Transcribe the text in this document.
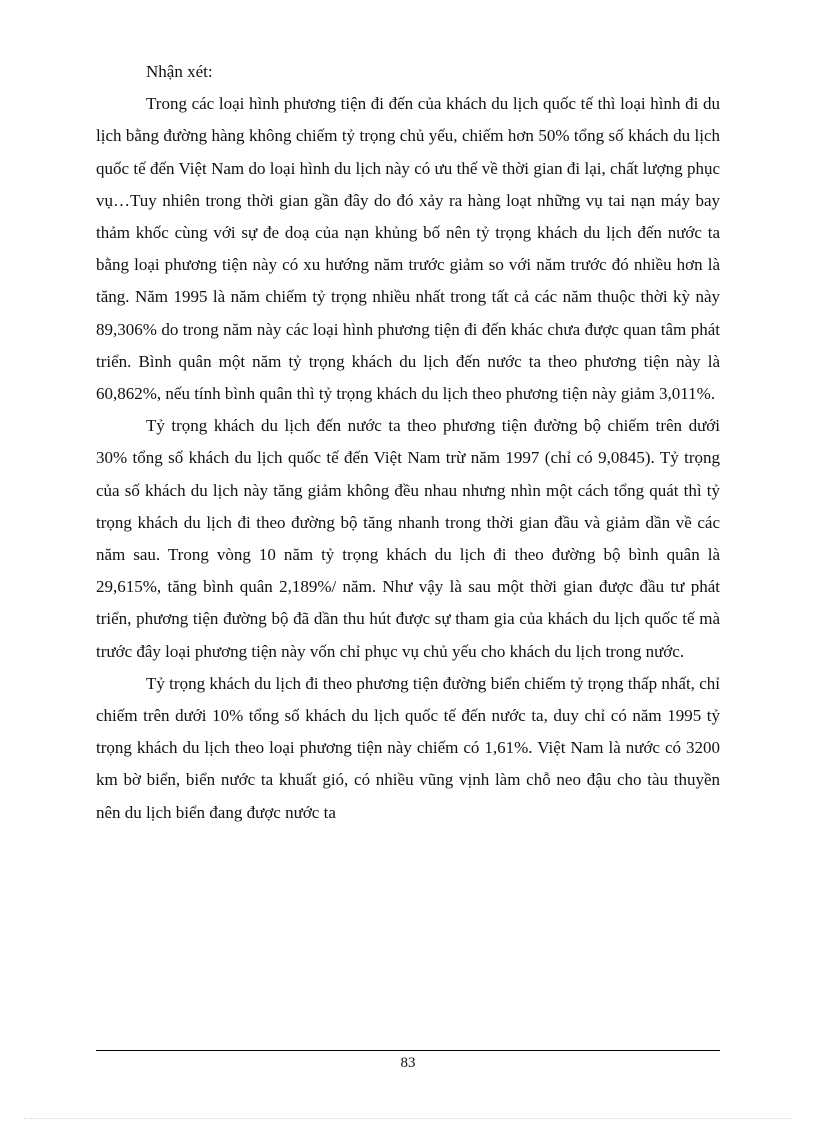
Nhận xét:

Trong các loại hình phương tiện đi đến của khách du lịch quốc tế thì loại hình đi du lịch bằng đường hàng không chiếm tỷ trọng chủ yếu, chiếm hơn 50% tổng số khách du lịch quốc tế đến Việt Nam do loại hình du lịch này có ưu thế về thời gian đi lại, chất lượng phục vụ…Tuy nhiên trong thời gian gần đây do đó xảy ra hàng loạt những vụ tai nạn máy bay thảm khốc cùng với sự đe doạ của nạn khủng bố nên tỷ trọng khách du lịch đến nước ta bằng loại phương tiện này có xu hướng năm trước giảm so với năm trước đó nhiều hơn là tăng. Năm 1995 là năm chiếm tỷ trọng nhiều nhất trong tất cả các năm thuộc thời kỳ này 89,306% do trong năm này các loại hình phương tiện đi đến khác chưa được quan tâm phát triển. Bình quân một năm tỷ trọng khách du lịch đến nước ta theo phương tiện này là 60,862%, nếu tính bình quân thì tỷ trọng khách du lịch theo phương tiện này giảm 3,011%.

Tỷ trọng khách du lịch đến nước ta theo phương tiện đường bộ chiếm trên dưới 30% tổng số khách du lịch quốc tế đến Việt Nam trừ năm 1997 (chỉ có 9,0845). Tỷ trọng của số khách du lịch này tăng giảm không đều nhau nhưng nhìn một cách tổng quát thì tỷ trọng khách du lịch đi theo đường bộ tăng nhanh trong thời gian đầu và giảm dần về các năm sau. Trong vòng 10 năm tỷ trọng khách du lịch đi theo đường bộ bình quân là 29,615%, tăng bình quân 2,189%/ năm. Như vậy là sau một thời gian được đầu tư phát triển, phương tiện đường bộ đã dần thu hút được sự tham gia của khách du lịch quốc tế mà trước đây loại phương tiện này vốn chỉ phục vụ chủ yếu cho khách du lịch trong nước.

Tỷ trọng khách du lịch đi theo phương tiện đường biển chiếm tỷ trọng thấp nhất, chỉ chiếm trên dưới 10% tổng số khách du lịch quốc tế đến nước ta, duy chỉ có năm 1995 tỷ trọng khách du lịch theo loại phương tiện này chiếm có 1,61%. Việt Nam là nước có 3200 km bờ biển, biển nước ta khuất gió, có nhiều vũng vịnh làm chỗ neo đậu cho tàu thuyền nên du lịch biển đang được nước ta

83
